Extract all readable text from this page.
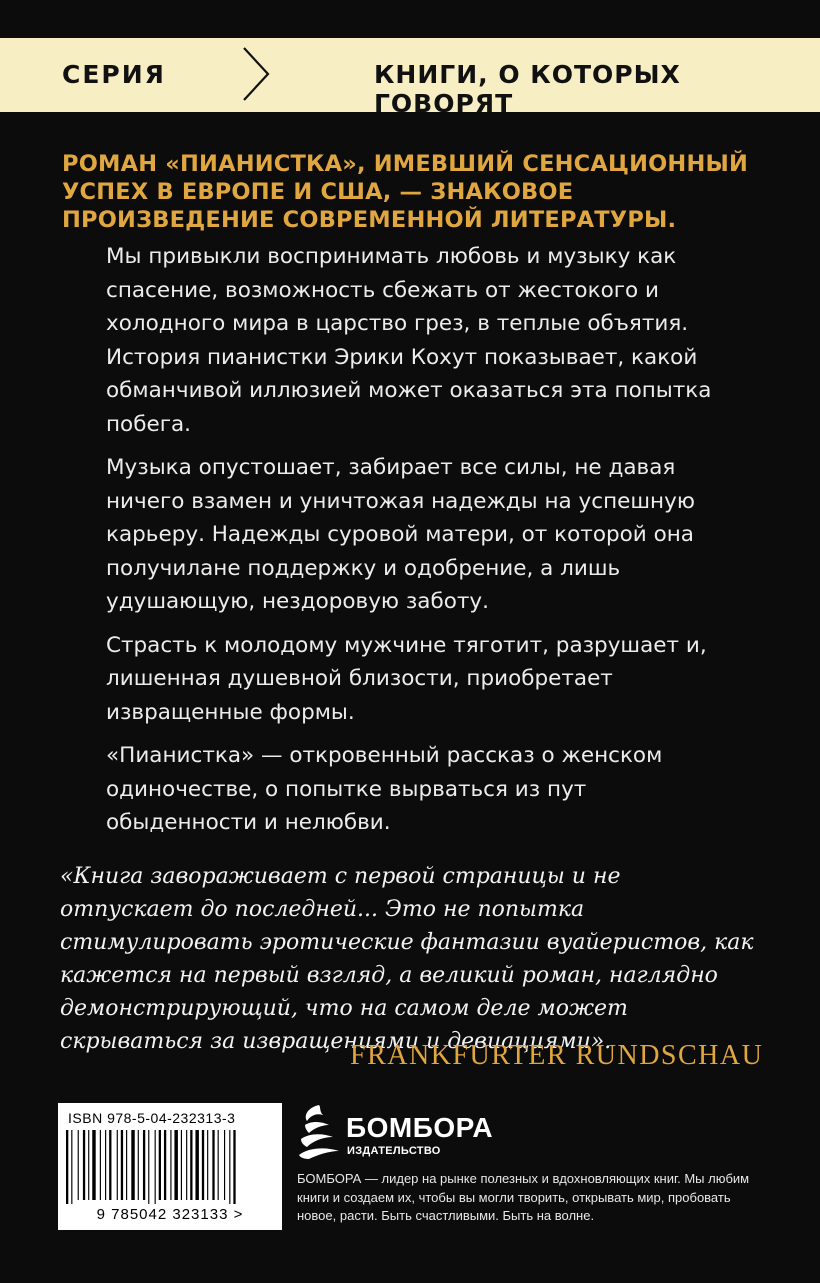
СЕРИЯ	КНИГИ, О КОТОРЫХ ГОВОРЯТ
РОМАН «ПИАНИСТКА», ИМЕВШИЙ СЕНСАЦИОННЫЙ УСПЕХ В ЕВРОПЕ И США, — ЗНАКОВОЕ ПРОИЗВЕДЕНИЕ СОВРЕМЕННОЙ ЛИТЕРАТУРЫ.

Мы привыкли воспринимать любовь и музыку как спасение, возможность сбежать от жестокого и холодного мира в царство грез, в теплые объятия. История пианистки Эрики Кохут показывает, какой обманчивой иллюзией может оказаться эта попытка побега.

Музыка опустошает, забирает все силы, не давая ничего взамен и уничтожая надежды на успешную карьеру. Надежды суровой матери, от которой она получилане поддержку и одобрение, а лишь удушающую, нездоровую заботу.

Страсть к молодому мужчине тяготит, разрушает и, лишенная душевной близости, приобретает извращенные формы.

«Пианистка» — откровенный рассказ о женском одиночестве, о попытке вырваться из пут обыденности и нелюбви.

«Книга завораживает с первой страницы и не отпускает до последней... Это не попытка стимулировать эротические фантазии вуайеристов, как кажется на первый взгляд, а великий роман, наглядно демонстрирующий, что на самом деле может скрываться за извращениями и девиациями».
FRANKFURTER RUNDSCHAU
ISBN 978-5-04-232313-3
9 785042 323133 >
БОМБОРА
ИЗДАТЕЛЬСТВО
БОМБОРА — лидер на рынке полезных и вдохновляющих книг. Мы любим книги и создаем их, чтобы вы могли творить, открывать мир, пробовать новое, расти. Быть счастливыми. Быть на волне.
